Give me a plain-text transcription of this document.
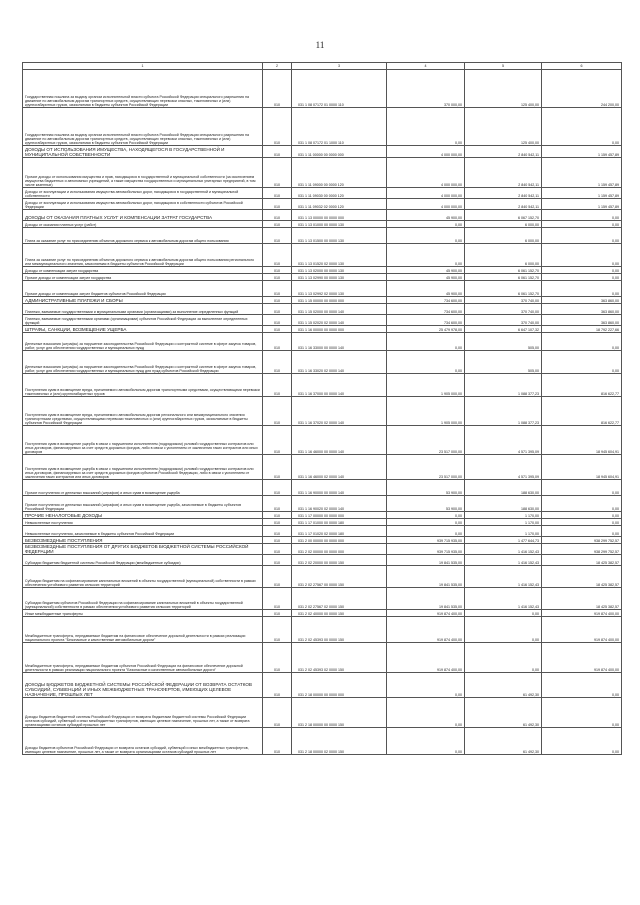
11
1	2	3	4	5	6
Государственная пошлина за выдачу органом исполнительной власти субъекта Российской Федерации специального разрешения на движение по автомобильным дорогам транспортных средств, осуществляющих перевозки опасных, тяжеловесных и (или) крупногабаритных грузов, зачисляемая в бюджеты субъектов Российской Федерации	010	031 1 08 07172 01 0000 110	370 000,00	125 400,00	244 200,00
Государственная пошлина за выдачу органом исполнительной власти субъекта Российской Федерации специального разрешения на движение по автомобильным дорогам транспортных средств, осуществляющих перевозки опасных, тяжеловесных и (или) крупногабаритных грузов, зачисляемая в бюджеты субъектов Российской Федерации	010	031 1 08 07172 01 1000 110	0,00	125 400,00	0,00
ДОХОДЫ ОТ ИСПОЛЬЗОВАНИЯ ИМУЩЕСТВА, НАХОДЯЩЕГОСЯ В ГОСУДАРСТВЕННОЙ И МУНИЦИПАЛЬНОЙ СОБСТВЕННОСТИ	010	031 1 11 00000 00 0000 000	4 000 000,00	2 840 542,11	1 159 457,89
Прочие доходы от использования имущества и прав, находящихся в государственной и муниципальной собственности (за исключением имущества бюджетных и автономных учреждений, а также имущества государственных и муниципальных унитарных предприятий, в том числе казенных)	010	031 1 11 09000 00 0000 120	4 000 000,00	2 840 542,11	1 159 457,89
Доходы от эксплуатации и использования имущества автомобильных дорог, находящихся в государственной и муниципальной собственности	010	031 1 11 09030 00 0000 120	4 000 000,00	2 840 542,11	1 159 457,89
Доходы от эксплуатации и использования имущества автомобильных дорог, находящихся в собственности субъектов Российской Федерации	010	031 1 11 09032 02 0000 120	4 000 000,00	2 840 542,11	1 159 457,89
ДОХОДЫ ОТ ОКАЗАНИЯ ПЛАТНЫХ УСЛУГ И КОМПЕНСАЦИИ ЗАТРАТ ГОСУДАРСТВА	010	031 1 13 00000 00 0000 000	45 900,00	6 067 152,70	0,00
Доходы от оказания платных услуг (работ)	010	031 1 13 01000 00 0000 130	0,00	6 000,00	0,00
Плата за оказание услуг по присоединению объектов дорожного сервиса к автомобильным дорогам общего пользования	010	031 1 13 01500 00 0000 130	0,00	6 000,00	0,00
Плата за оказание услуг по присоединению объектов дорожного сервиса к автомобильным дорогам общего пользования регионального или межмуниципального значения, зачисляемая в бюджеты субъектов Российской Федерации	010	031 1 13 01520 02 0000 130	0,00	6 000,00	0,00
Доходы от компенсации затрат государства	010	031 1 13 02000 00 0000 130	45 900,00	6 061 152,70	0,00
Прочие доходы от компенсации затрат государства	010	031 1 13 02990 00 0000 130	45 900,00	6 061 152,70	0,00
Прочие доходы от компенсации затрат бюджетов субъектов Российской Федерации	010	031 1 13 02992 02 0000 130	45 900,00	6 061 152,70	0,00
АДМИНИСТРАТИВНЫЕ ПЛАТЕЖИ И СБОРЫ	010	031 1 15 00000 00 0000 000	734 600,00	370 740,00	363 860,00
Платежи, взимаемые государственными и муниципальными органами (организациями) за выполнение определенных функций	010	031 1 15 02000 00 0000 140	734 600,00	370 740,00	363 860,00
Платежи, взимаемые государственными органами (организациями) субъектов Российской Федерации за выполнение определенных функций	010	031 1 15 02020 02 0000 140	734 600,00	370 740,00	363 860,00
ШТРАФЫ, САНКЦИИ, ВОЗМЕЩЕНИЕ УЩЕРБА	010	031 1 16 00000 00 0000 000	25 479 978,00	6 647 107,32	18 792 227,66
Денежные взыскания (штрафы) за нарушение законодательства Российской Федерации о контрактной системе в сфере закупок товаров, работ, услуг для обеспечения государственных и муниципальных нужд	010	031 1 16 33000 00 0000 140	0,00	505,00	0,00
Денежные взыскания (штрафы) за нарушение законодательства Российской Федерации о контрактной системе в сфере закупок товаров, работ, услуг для обеспечения государственных и муниципальных нужд для нужд субъектов Российской Федерации	010	031 1 16 33020 02 0000 140	0,00	505,00	0,00
Поступления сумм в возмещение вреда, причиняемого автомобильным дорогам транспортными средствами, осуществляющими перевозки тяжеловесных и (или) крупногабаритных грузов	010	031 1 16 37000 00 0000 140	1 905 000,00	1 088 377,23	816 622,77
Поступления сумм в возмещение вреда, причиняемого автомобильным дорогам регионального или межмуниципального значения транспортными средствами, осуществляющими перевозки тяжеловесных и (или) крупногабаритных грузов, зачисляемые в бюджеты субъектов Российской Федерации	010	031 1 16 37020 02 0000 140	1 905 000,00	1 088 377,23	816 622,77
Поступления сумм в возмещение ущерба в связи с нарушением исполнителем (подрядчиком) условий государственных контрактов или иных договоров, финансируемых за счет средств дорожных фондов, либо в связи с уклонением от заключения таких контрактов или иных договоров	010	031 1 16 46000 00 0000 140	23 517 000,00	4 571 395,09	18 945 604,91
Поступления сумм в возмещение ущерба в связи с нарушением исполнителем (подрядчиком) условий государственных контрактов или иных договоров, финансируемых за счет средств дорожных фондов субъектов Российской Федерации, либо в связи с уклонением от заключения таких контрактов или иных договоров	010	031 1 16 46000 02 0000 140	23 517 000,00	4 571 395,09	18 945 604,91
Прочие поступления от денежных взысканий (штрафов) и иных сумм в возмещение ущерба	010	031 1 16 90000 00 0000 140	53 900,00	188 630,00	0,00
Прочие поступления от денежных взысканий (штрафов) и иных сумм в возмещение ущерба, зачисляемые в бюджеты субъектов Российской Федерации	010	031 1 16 90020 02 0000 140	53 900,00	188 630,00	0,00
ПРОЧИЕ НЕНАЛОГОВЫЕ ДОХОДЫ	010	031 1 17 00000 00 0000 000	0,00	1 170,00	0,00
Невыясненные поступления	010	031 1 17 01000 00 0000 180	0,00	1 170,00	0,00
Невыясненные поступления, зачисляемые в бюджеты субъектов Российской Федерации	010	031 1 17 01020 02 0000 180	0,00	1 170,00	0,00
БЕЗВОЗМЕЗДНЫЕ ПОСТУПЛЕНИЯ	010	031 2 00 00000 00 0000 000	939 715 935,00	1 477 644,73	938 299 752,57
БЕЗВОЗМЕЗДНЫЕ ПОСТУПЛЕНИЯ ОТ ДРУГИХ БЮДЖЕТОВ БЮДЖЕТНОЙ СИСТЕМЫ РОССИЙСКОЙ ФЕДЕРАЦИИ	010	031 2 02 00000 00 0000 000	939 715 935,00	1 416 152,43	938 299 752,57
Субсидии бюджетам бюджетной системы Российской Федерации (межбюджетные субсидии)	010	031 2 02 20000 00 0000 150	19 841 535,00	1 416 152,43	18 425 382,57
Субсидии бюджетам на софинансирование капитальных вложений в объекты государственной (муниципальной) собственности в рамках обеспечения устойчивого развития сельских территорий	010	031 2 02 27567 00 0000 150	19 841 535,00	1 416 152,43	18 425 382,57
Субсидии бюджетам субъектов Российской Федерации на софинансирование капитальных вложений в объекты государственной (муниципальной) собственности в рамках обеспечения устойчивого развития сельских территорий	010	031 2 02 27567 02 0000 150	19 841 535,00	1 416 152,43	18 425 382,57
Иные межбюджетные трансферты	010	031 2 02 40000 00 0000 150	919 874 400,00	0,00	919 874 400,00
Межбюджетные трансферты, передаваемые бюджетам на финансовое обеспечение дорожной деятельности в рамках реализации национального проекта "Безопасные и качественные автомобильные дороги"	010	031 2 02 45393 00 0000 150	919 874 400,00	0,00	919 874 400,00
Межбюджетные трансферты, передаваемые бюджетам субъектов Российской Федерации на финансовое обеспечение дорожной деятельности в рамках реализации национального проекта "Безопасные и качественные автомобильные дороги"	010	031 2 02 45393 02 0000 150	919 874 400,00	0,00	919 874 400,00
ДОХОДЫ БЮДЖЕТОВ БЮДЖЕТНОЙ СИСТЕМЫ РОССИЙСКОЙ ФЕДЕРАЦИИ ОТ ВОЗВРАТА ОСТАТКОВ СУБСИДИЙ, СУБВЕНЦИЙ И ИНЫХ МЕЖБЮДЖЕТНЫХ ТРАНСФЕРТОВ, ИМЕЮЩИХ ЦЕЛЕВОЕ НАЗНАЧЕНИЕ, ПРОШЛЫХ ЛЕТ	010	031 2 18 00000 00 0000 000	0,00	61 492,30	0,00
Доходы бюджетов бюджетной системы Российской Федерации от возврата бюджетами бюджетной системы Российской Федерации остатков субсидий, субвенций и иных межбюджетных трансфертов, имеющих целевое назначение, прошлых лет, а также от возврата организациями остатков субсидий прошлых лет	010	031 2 18 00000 00 0000 150	0,00	61 492,30	0,00
Доходы бюджетов субъектов Российской Федерации от возврата остатков субсидий, субвенций и иных межбюджетных трансфертов, имеющих целевое назначение, прошлых лет, а также от возврата организациями остатков субсидий прошлых лет	010	031 2 18 00000 02 0000 150	0,00	61 492,30	0,00
